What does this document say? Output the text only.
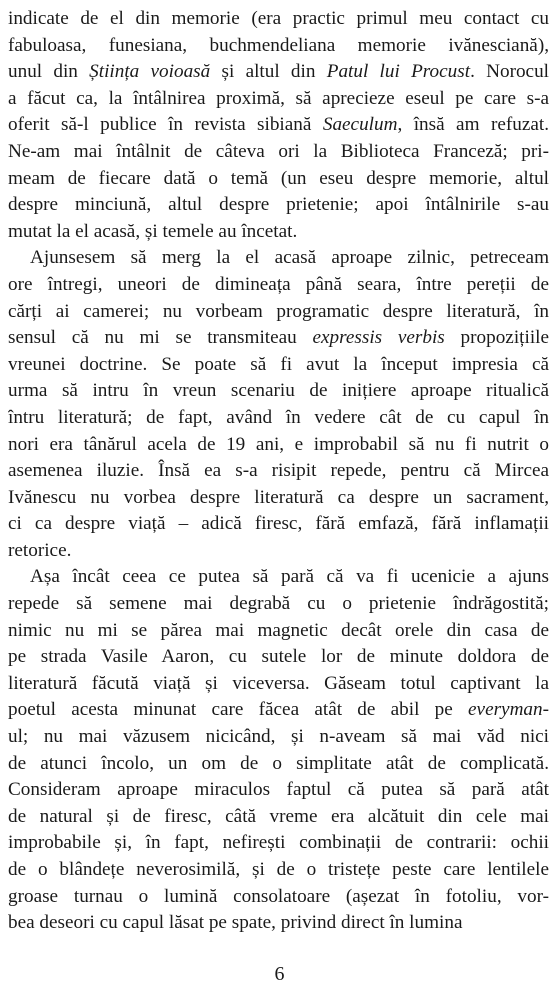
indicate de el din memorie (era practic primul meu contact cu
fabuloasa, funesiana, buchmendeliana memorie ivănesciană),
unul din Știința voioasă și altul din Patul lui Procust. Norocul
a făcut ca, la întâlnirea proximă, să aprecieze eseul pe care s-a
oferit să-l publice în revista sibiană Saeculum, însă am refuzat.
Ne-am mai întâlnit de câteva ori la Biblioteca Franceză; pri-
meam de fiecare dată o temă (un eseu despre memorie, altul
despre minciună, altul despre prietenie; apoi întâlnirile s-au
mutat la el acasă, și temele au încetat.
Ajunsesem să merg la el acasă aproape zilnic, petreceam
ore întregi, uneori de dimineața până seara, între pereții de
cărți ai camerei; nu vorbeam programatic despre literatură, în
sensul că nu mi se transmiteau expressis verbis propozițiile
vreunei doctrine. Se poate să fi avut la început impresia că
urma să intru în vreun scenariu de inițiere aproape ritualică
întru literatură; de fapt, având în vedere cât de cu capul în
nori era tânărul acela de 19 ani, e improbabil să nu fi nutrit o
asemenea iluzie. Însă ea s-a risipit repede, pentru că Mircea
Ivănescu nu vorbea despre literatură ca despre un sacrament,
ci ca despre viață – adică firesc, fără emfază, fără inflamații
retorice.
Așa încât ceea ce putea să pară că va fi ucenicie a ajuns
repede să semene mai degrabă cu o prietenie îndrăgostită;
nimic nu mi se părea mai magnetic decât orele din casa de
pe strada Vasile Aaron, cu sutele lor de minute doldora de
literatură făcută viață și viceversa. Găseam totul captivant la
poetul acesta minunat care făcea atât de abil pe everyman-
ul; nu mai văzusem nicicând, și n-aveam să mai văd nici
de atunci încolo, un om de o simplitate atât de complicată.
Consideram aproape miraculos faptul că putea să pară atât
de natural și de firesc, câtă vreme era alcătuit din cele mai
improbabile și, în fapt, nefirești combinații de contrarii: ochii
de o blândețe neverosimilă, și de o tristețe peste care lentilele
groase turnau o lumină consolatoare (așezat în fotoliu, vor-
bea deseori cu capul lăsat pe spate, privind direct în lumina
6
